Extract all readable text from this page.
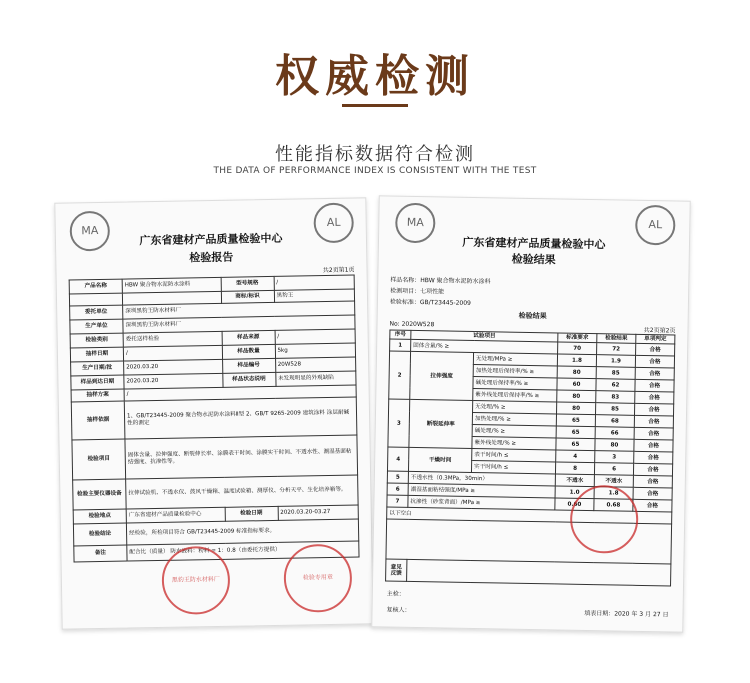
权威检测
性能指标数据符合检测
THE DATA OF PERFORMANCE INDEX IS CONSISTENT WITH THE TEST
MA
AL
广东省建材产品质量检验中心
检验报告
共2页第1页
产品名称	HBW 聚合物水泥防水涂料	型号规格	/
		商标/标识	黑豹王
委托单位	深圳黑豹王防水材料厂		
生产单位	深圳黑豹王防水材料厂		
检验类别	委托送样检验	样品来源	/
抽样日期	/	样品数量	5kg
生产日期/批	2020.03.20	样品编号	20W528
样品到达日期	2020.03.20	样品状态说明	未发现明显的外观缺陷
抽样方案	/		
抽样依据	1、GB/T23445-2009 聚合物水泥防水涂料Ⅱ型 2、GB/T 9265-2009 建筑涂料 涂层耐碱性的测定		
检验项目	固体含量、拉伸强度、断裂伸长率、涂膜表干时间、涂膜实干时间、不透水性、潮湿基面粘结强度、抗渗性等。		
检验主要仪器设备	拉伸试验机、不透水仪、鼓风干燥箱、温度试验箱、测厚仪、分析天平、生化培养箱等。		
检验地点	广东省建材产品质量检验中心	检验日期	2020.03.20-03.27
检验结论	经检验，所检项目符合 GB/T23445-2009 标准指标要求。		
备注	配合比（质量） 防水液料：粉料 = 1：0.8（由委托方提供）		
黑豹王防水材料厂	检验专用章
MA	AL
广东省建材产品质量检验中心
检验结果
样品名称：HBW 聚合物水泥防水涂料
检测项目：七项性能
检验标准：GB/T23445-2009
检验结果
No: 2020W528
共2页第2页
序号	试验项目		标准要求	检验结果	单项判定
1	固体含量/% ≥		70	72	合格
2	拉伸强度	无处理/MPa ≥	1.8	1.9	合格
		加热处理后保持率/% ≥	80	85	合格
		碱处理后保持率/% ≥	60	62	合格
		紫外线处理后保持率/% ≥	80	83	合格
3	断裂延伸率	无处理/% ≥	80	85	合格
		加热处理/% ≥	65	68	合格
		碱处理/% ≥	65	66	合格
		紫外线处理/% ≥	65	80	合格
4	干燥时间	表干时间/h ≤	4	3	合格
		实干时间/h ≤	8	6	合格
5	不透水性（0.3MPa，30min）		不透水	不透水	合格
6	潮湿基面粘结强度/MPa ≥		1.0	1.8	合格
7	抗渗性（砂浆背面）/MPa ≥		0.60	0.68	合格
以下空白					

意见反馈					
主检：
复核人：	填表日期：2020 年 3 月 27 日
